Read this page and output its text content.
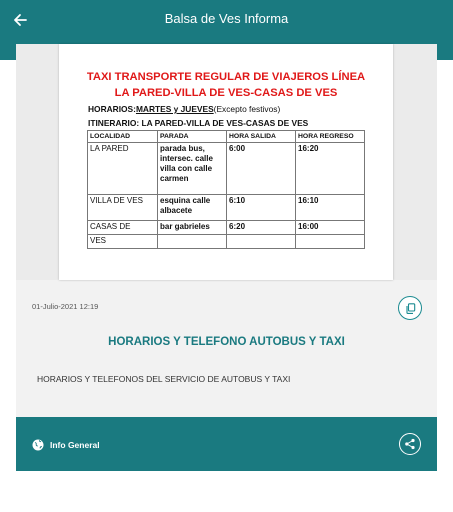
Balsa de Ves Informa
TAXI TRANSPORTE REGULAR DE VIAJEROS LÍNEA
LA PARED-VILLA DE VES-CASAS DE VES
HORARIOS:MARTES y JUEVES(Excepto festivos)
ITINERARIO: LA PARED-VILLA DE VES-CASAS DE VES
LOCALIDAD	PARADA	HORA SALIDA	HORA REGRESO
LA PARED	parada bus, intersec. calle villa con calle carmen	6:00	16:20
VILLA DE VES	esquina calle albacete	6:10	16:10
CASAS DE	bar gabrieles	6:20	16:00
VES			
01-Julio-2021 12:19
HORARIOS Y TELEFONO AUTOBUS Y TAXI
HORARIOS Y TELEFONOS DEL SERVICIO DE AUTOBUS Y TAXI
Info General
